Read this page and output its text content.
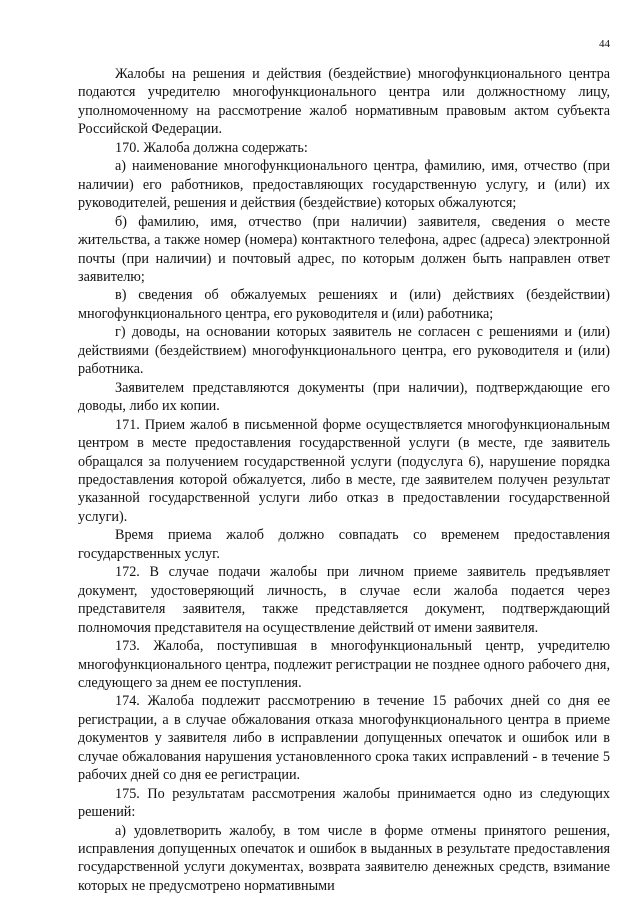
44

Жалобы на решения и действия (бездействие) многофункционального центра подаются учредителю многофункционального центра или должностному лицу, уполномоченному на рассмотрение жалоб нормативным правовым актом субъекта Российской Федерации.

170. Жалоба должна содержать:

а) наименование многофункционального центра, фамилию, имя, отчество (при наличии) его работников, предоставляющих государственную услугу, и (или) их руководителей, решения и действия (бездействие) которых обжалуются;

б) фамилию, имя, отчество (при наличии) заявителя, сведения о месте жительства, а также номер (номера) контактного телефона, адрес (адреса) электронной почты (при наличии) и почтовый адрес, по которым должен быть направлен ответ заявителю;

в) сведения об обжалуемых решениях и (или) действиях (бездействии) многофункционального центра, его руководителя и (или) работника;

г) доводы, на основании которых заявитель не согласен с решениями и (или) действиями (бездействием) многофункционального центра, его руководителя и (или) работника.

Заявителем представляются документы (при наличии), подтверждающие его доводы, либо их копии.

171. Прием жалоб в письменной форме осуществляется многофункциональным центром в месте предоставления государственной услуги (в месте, где заявитель обращался за получением государственной услуги (подуслуга 6), нарушение порядка предоставления которой обжалуется, либо в месте, где заявителем получен результат указанной государственной услуги либо отказ в предоставлении государственной услуги).

Время приема жалоб должно совпадать со временем предоставления государственных услуг.

172. В случае подачи жалобы при личном приеме заявитель предъявляет документ, удостоверяющий личность, в случае если жалоба подается через представителя заявителя, также представляется документ, подтверждающий полномочия представителя на осуществление действий от имени заявителя.

173. Жалоба, поступившая в многофункциональный центр, учредителю многофункционального центра, подлежит регистрации не позднее одного рабочего дня, следующего за днем ее поступления.

174. Жалоба подлежит рассмотрению в течение 15 рабочих дней со дня ее регистрации, а в случае обжалования отказа многофункционального центра в приеме документов у заявителя либо в исправлении допущенных опечаток и ошибок или в случае обжалования нарушения установленного срока таких исправлений - в течение 5 рабочих дней со дня ее регистрации.

175. По результатам рассмотрения жалобы принимается одно из следующих решений:

а) удовлетворить жалобу, в том числе в форме отмены принятого решения, исправления допущенных опечаток и ошибок в выданных в результате предоставления государственной услуги документах, возврата заявителю денежных средств, взимание которых не предусмотрено нормативными
